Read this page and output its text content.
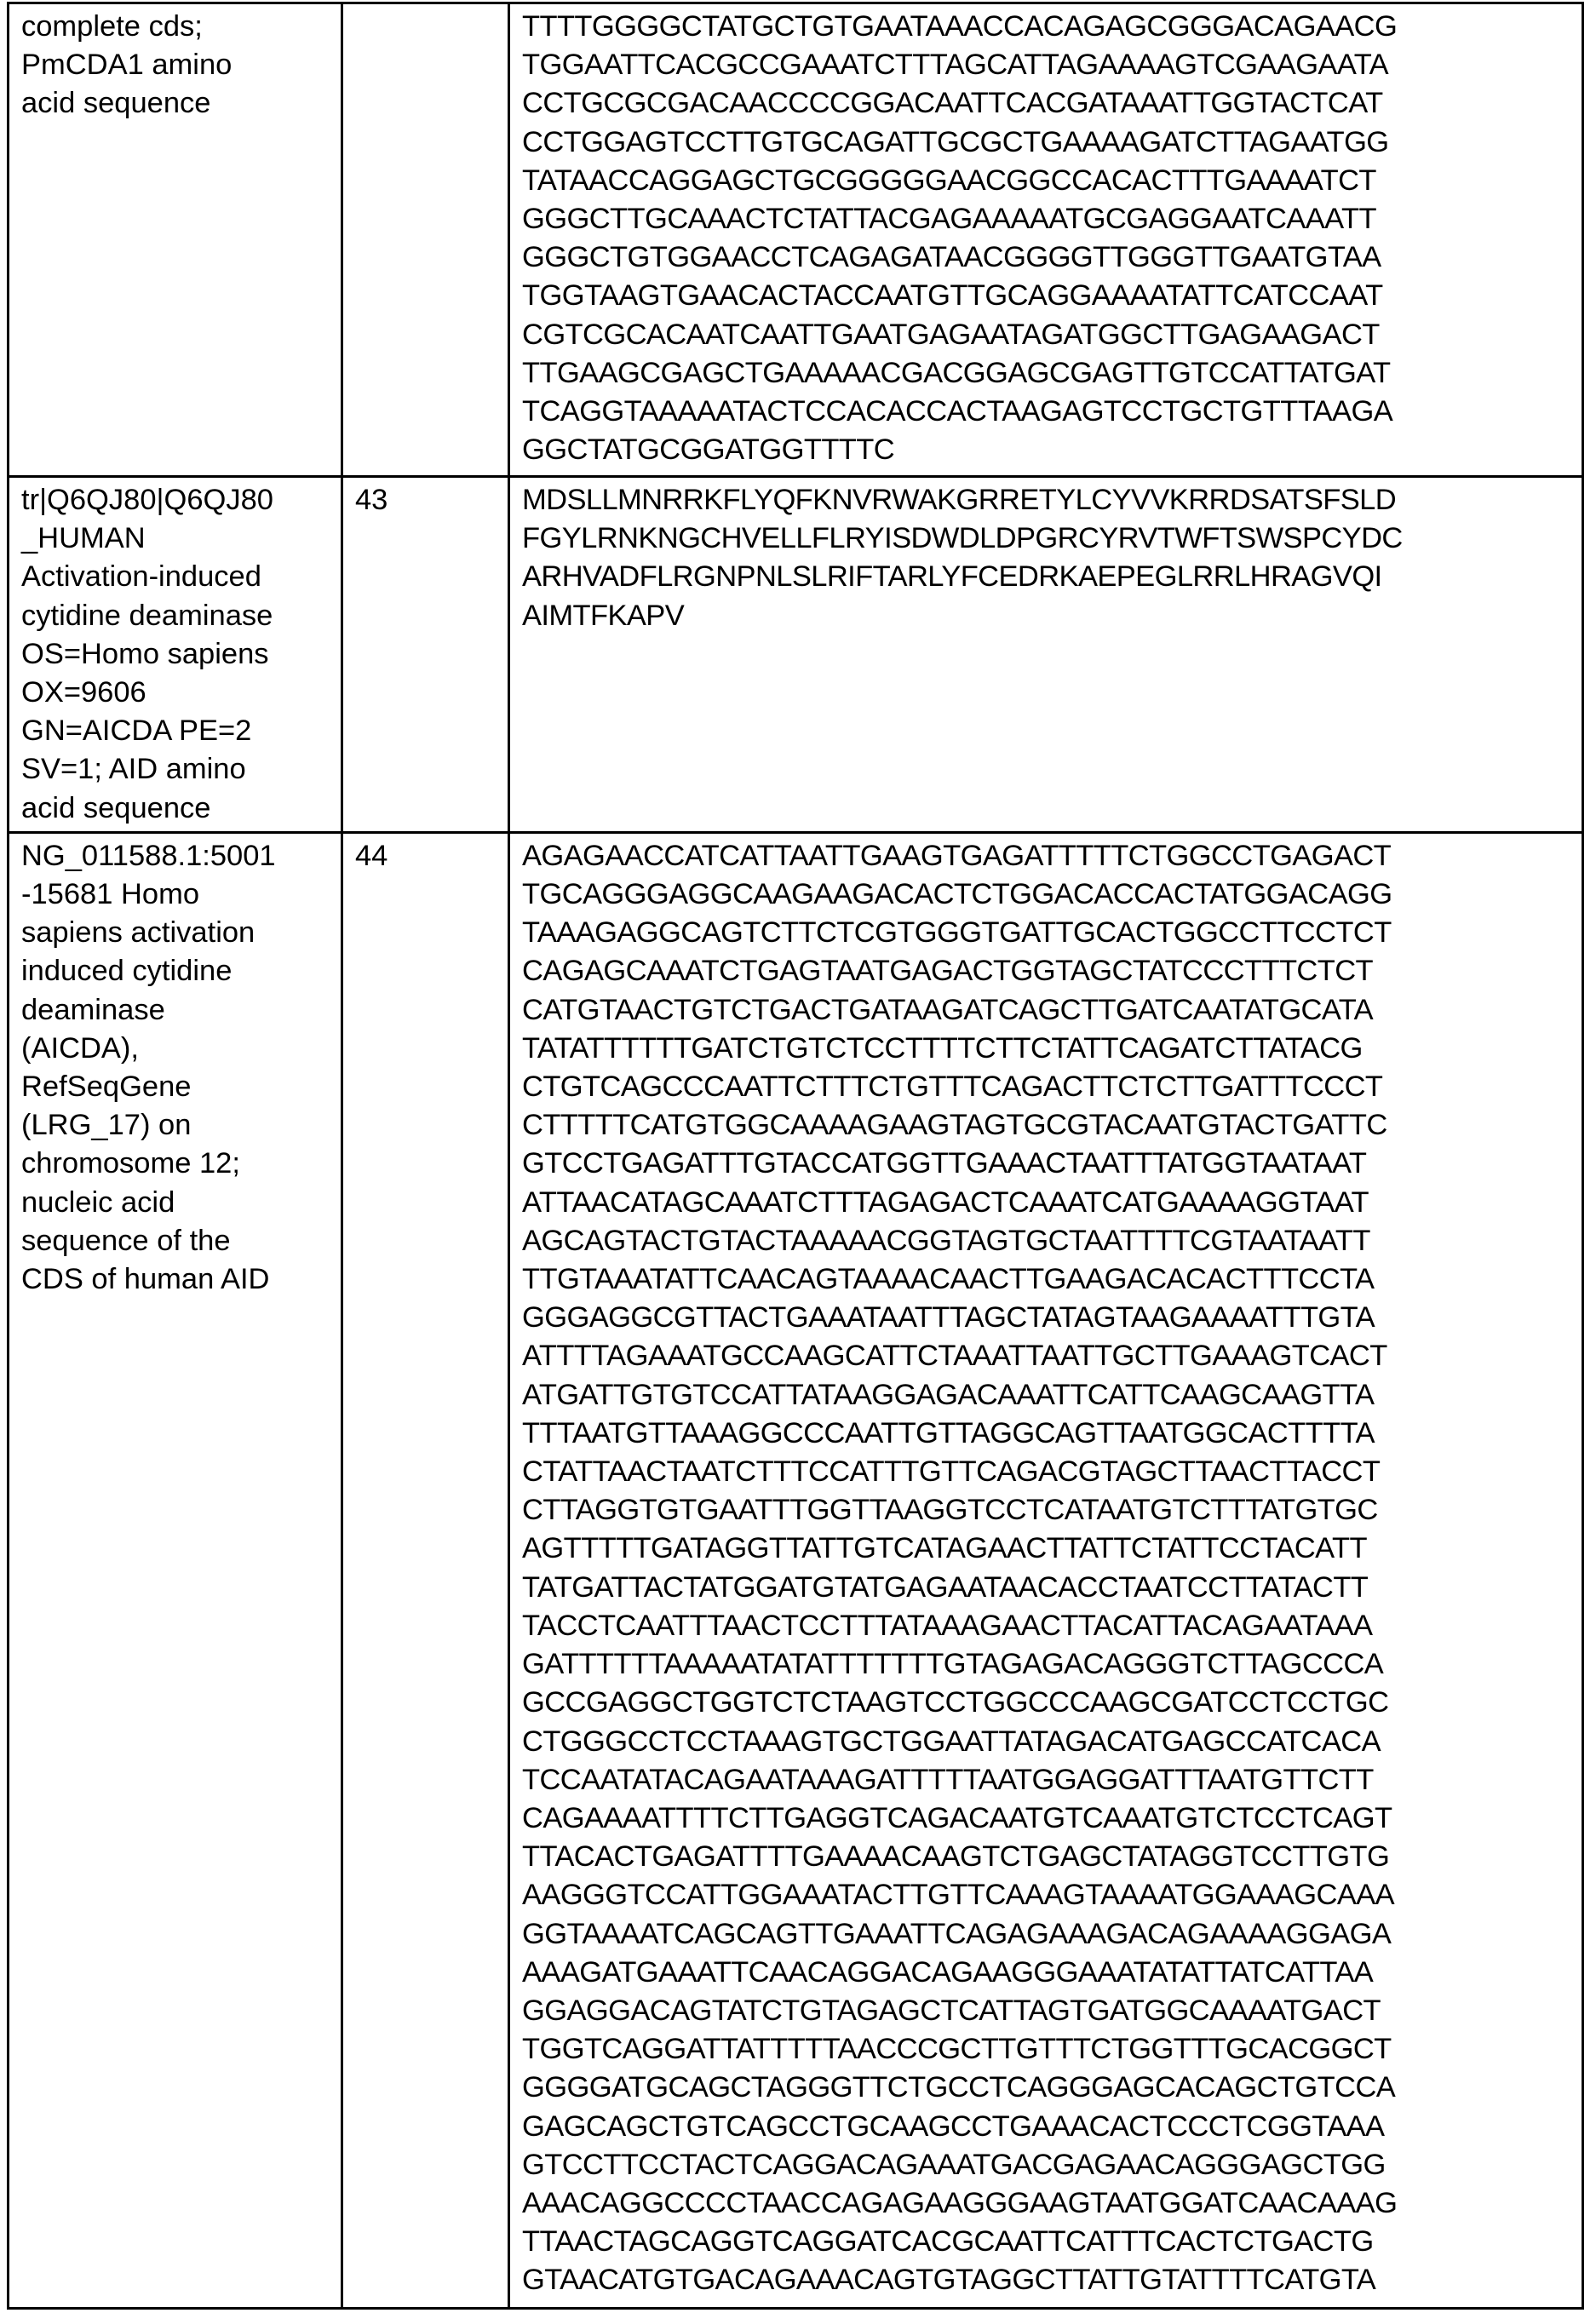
complete cds;
PmCDA1 amino
acid sequence

TTTTGGGGCTATGCTGTGAATAAACCACAGAGCGGGACAGAACG
TGGAATTCACGCCGAAATCTTTAGCATTAGAAAAGTCGAAGAATA
CCTGCGCGACAACCCCGGACAATTCACGATAAATTGGTACTCAT
CCTGGAGTCCTTGTGCAGATTGCGCTGAAAAGATCTTAGAATGG
TATAACCAGGAGCTGCGGGGGAACGGCCACACTTTGAAAATCT
GGGCTTGCAAACTCTATTACGAGAAAAATGCGAGGAATCAAATT
GGGCTGTGGAACCTCAGAGATAACGGGGTTGGGTTGAATGTAA
TGGTAAGTGAACACTACCAATGTTGCAGGAAAATATTCATCCAAT
CGTCGCACAATCAATTGAATGAGAATAGATGGCTTGAGAAGACT
TTGAAGCGAGCTGAAAAACGACGGAGCGAGTTGTCCATTATGAT
TCAGGTAAAAATACTCCACACCACTAAGAGTCCTGCTGTTTAAGA
GGCTATGCGGATGGTTTTC

tr|Q6QJ80|Q6QJ80
_HUMAN
Activation-induced
cytidine deaminase
OS=Homo sapiens
OX=9606
GN=AICDA PE=2
SV=1; AID amino
acid sequence
	43	MDSLLMNRRKFLYQFKNVRWAKGRRETYLCYVVKRRDSATSFSLD
FGYLRNKNGCHVELLFLRYISDWDLDPGRCYRVTWFTSWSPCYDC
ARHVADFLRGNPNLSLRIFTARLYFCEDRKAEPEGLRRLHRAGVQI
AIMTFKAPV

NG_011588.1:5001
-15681 Homo
sapiens activation
induced cytidine
deaminase
(AICDA),
RefSeqGene
(LRG_17) on
chromosome 12;
nucleic acid
sequence of the
CDS of human AID
	44	AGAGAACCATCATTAATTGAAGTGAGATTTTTCTGGCCTGAGACT
TGCAGGGAGGCAAGAAGACACTCTGGACACCACTATGGACAGG
TAAAGAGGCAGTCTTCTCGTGGGTGATTGCACTGGCCTTCCTCT
CAGAGCAAATCTGAGTAATGAGACTGGTAGCTATCCCTTTCTCT
CATGTAACTGTCTGACTGATAAGATCAGCTTGATCAATATGCATA
TATATTTTTTGATCTGTCTCCTTTTCTTCTATTCAGATCTTATACG
CTGTCAGCCCAATTCTTTCTGTTTCAGACTTCTCTTGATTTCCCT
CTTTTTCATGTGGCAAAAGAAGTAGTGCGTACAATGTACTGATTC
GTCCTGAGATTTGTACCATGGTTGAAACTAATTTATGGTAATAAT
ATTAACATAGCAAATCTTTAGAGACTCAAATCATGAAAAGGTAAT
AGCAGTACTGTACTAAAAACGGTAGTGCTAATTTTCGTAATAATT
TTGTAAATATTCAACAGTAAAACAACTTGAAGACACACTTTCCTA
GGGAGGCGTTACTGAAATAATTTAGCTATAGTAAGAAAATTTGTA
ATTTTAGAAATGCCAAGCATTCTAAATTAATTGCTTGAAAGTCACT
ATGATTGTGTCCATTATAAGGAGACAAATTCATTCAAGCAAGTTA
TTTAATGTTAAAGGCCCAATTGTTAGGCAGTTAATGGCACTTTTA
CTATTAACTAATCTTTCCATTTGTTCAGACGTAGCTTAACTTACCT
CTTAGGTGTGAATTTGGTTAAGGTCCTCATAATGTCTTTATGTGC
AGTTTTTGATAGGTTATTGTCATAGAACTTATTCTATTCCTACATT
TATGATTACTATGGATGTATGAGAATAACACCTAATCCTTATACTT
TACCTCAATTTAACTCCTTTATAAAGAACTTACATTACAGAATAAA
GATTTTTTAAAAATATATTTTTTTGTAGAGACAGGGTCTTAGCCCA
GCCGAGGCTGGTCTCTAAGTCCTGGCCCAAGCGATCCTCCTGC
CTGGGCCTCCTAAAGTGCTGGAATTATAGACATGAGCCATCACA
TCCAATATACAGAATAAAGATTTTTAATGGAGGATTTAATGTTCTT
CAGAAAATTTTCTTGAGGTCAGACAATGTCAAATGTCTCCTCAGT
TTACACTGAGATTTTGAAAACAAGTCTGAGCTATAGGTCCTTGTG
AAGGGTCCATTGGAAATACTTGTTCAAAGTAAAATGGAAAGCAAA
GGTAAAATCAGCAGTTGAAATTCAGAGAAAGACAGAAAAGGAGA
AAAGATGAAATTCAACAGGACAGAAGGGAAATATATTATCATTAA
GGAGGACAGTATCTGTAGAGCTCATTAGTGATGGCAAAATGACT
TGGTCAGGATTATTTTTAACCCGCTTGTTTCTGGTTTGCACGGCT
GGGGATGCAGCTAGGGTTCTGCCTCAGGGAGCACAGCTGTCCA
GAGCAGCTGTCAGCCTGCAAGCCTGAAACACTCCCTCGGTAAA
GTCCTTCCTACTCAGGACAGAAATGACGAGAACAGGGAGCTGG
AAACAGGCCCCTAACCAGAGAAGGGAAGTAATGGATCAACAAAG
TTAACTAGCAGGTCAGGATCACGCAATTCATTTCACTCTGACTG
GTAACATGTGACAGAAACAGTGTAGGCTTATTGTATTTTCATGTA
